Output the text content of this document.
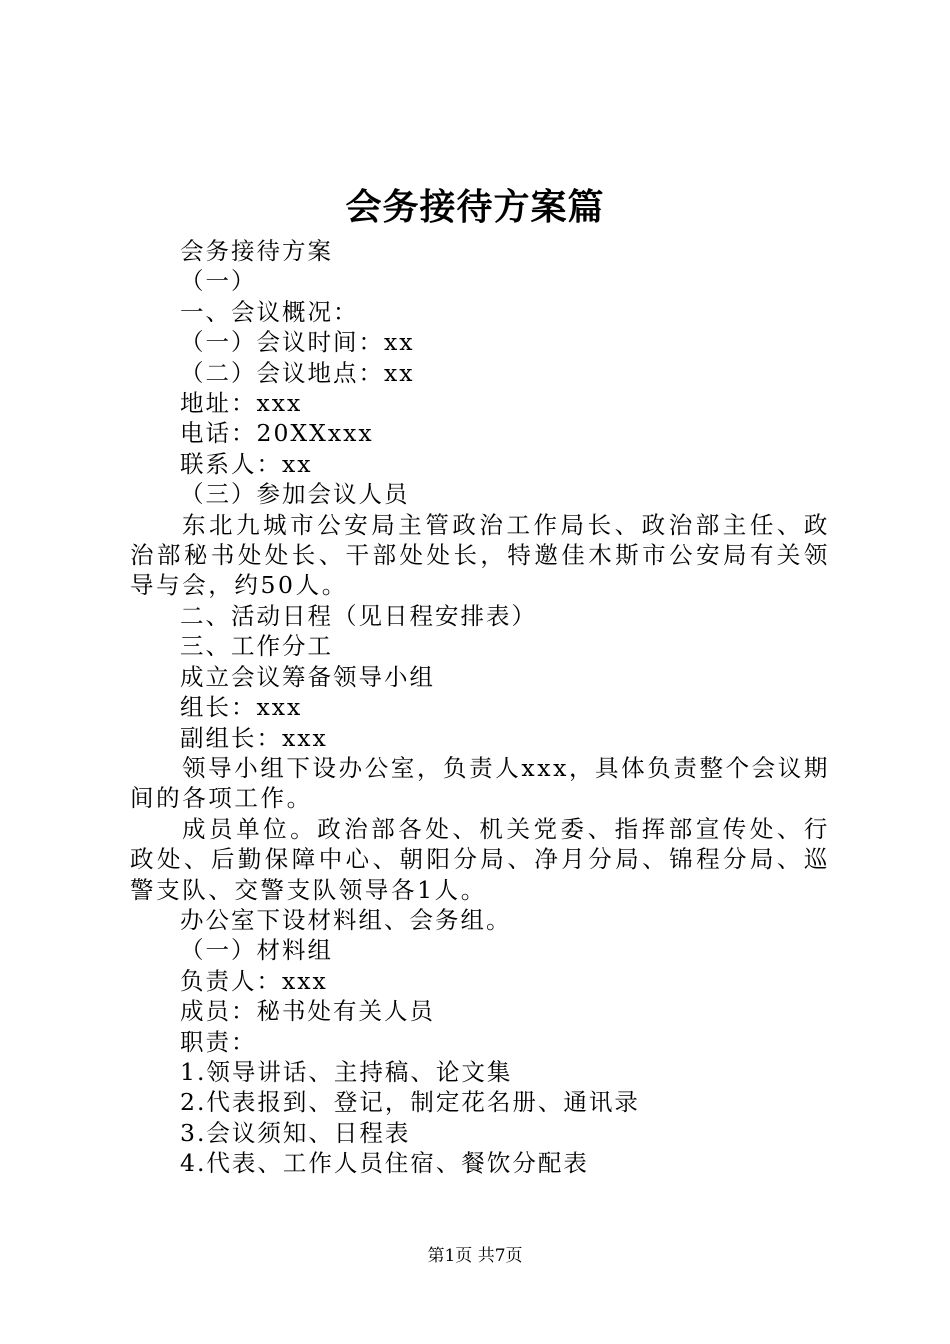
会务接待方案篇
会务接待方案
（一）
一、会议概况：
（一）会议时间：xx
（二）会议地点：xx
地址：xxx
电话：20XXxxx
联系人：xx
（三）参加会议人员
东北九城市公安局主管政治工作局长、政治部主任、政治部秘书处处长、干部处处长，特邀佳木斯市公安局有关领导与会，约50人。
二、活动日程（见日程安排表）
三、工作分工
成立会议筹备领导小组
组长：xxx
副组长：xxx
领导小组下设办公室，负责人xxx，具体负责整个会议期间的各项工作。
成员单位。政治部各处、机关党委、指挥部宣传处、行政处、后勤保障中心、朝阳分局、净月分局、锦程分局、巡警支队、交警支队领导各1人。
办公室下设材料组、会务组。
（一）材料组
负责人：xxx
成员：秘书处有关人员
职责：
1.领导讲话、主持稿、论文集
2.代表报到、登记，制定花名册、通讯录
3.会议须知、日程表
4.代表、工作人员住宿、餐饮分配表
第1页 共7页
